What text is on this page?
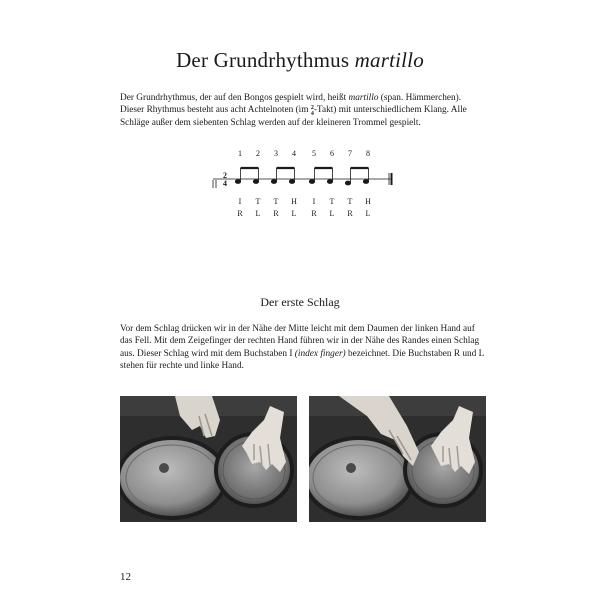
Der Grundrhythmus martillo

Der Grundrhythmus, der auf den Bongos gespielt wird, heißt martillo (span. Hämmerchen). Dieser Rhythmus besteht aus acht Achtelnoten (im 2
4 -Takt) mit unterschiedlichem Klang. Alle Schläge außer dem siebenten Schlag werden auf der kleineren Trommel gespielt.

1 2 3 4 5 6 7 8
2
4
I T T H I T T H
R L R L R L R L
Der erste Schlag

Vor dem Schlag drücken wir in der Nähe der Mitte leicht mit dem Daumen der linken Hand auf das Fell. Mit dem Zeigefinger der rechten Hand führen wir in der Nähe des Randes einen Schlag aus. Dieser Schlag wird mit dem Buchstaben I (index finger) bezeichnet. Die Buchstaben R und L stehen für rechte und linke Hand.

12
